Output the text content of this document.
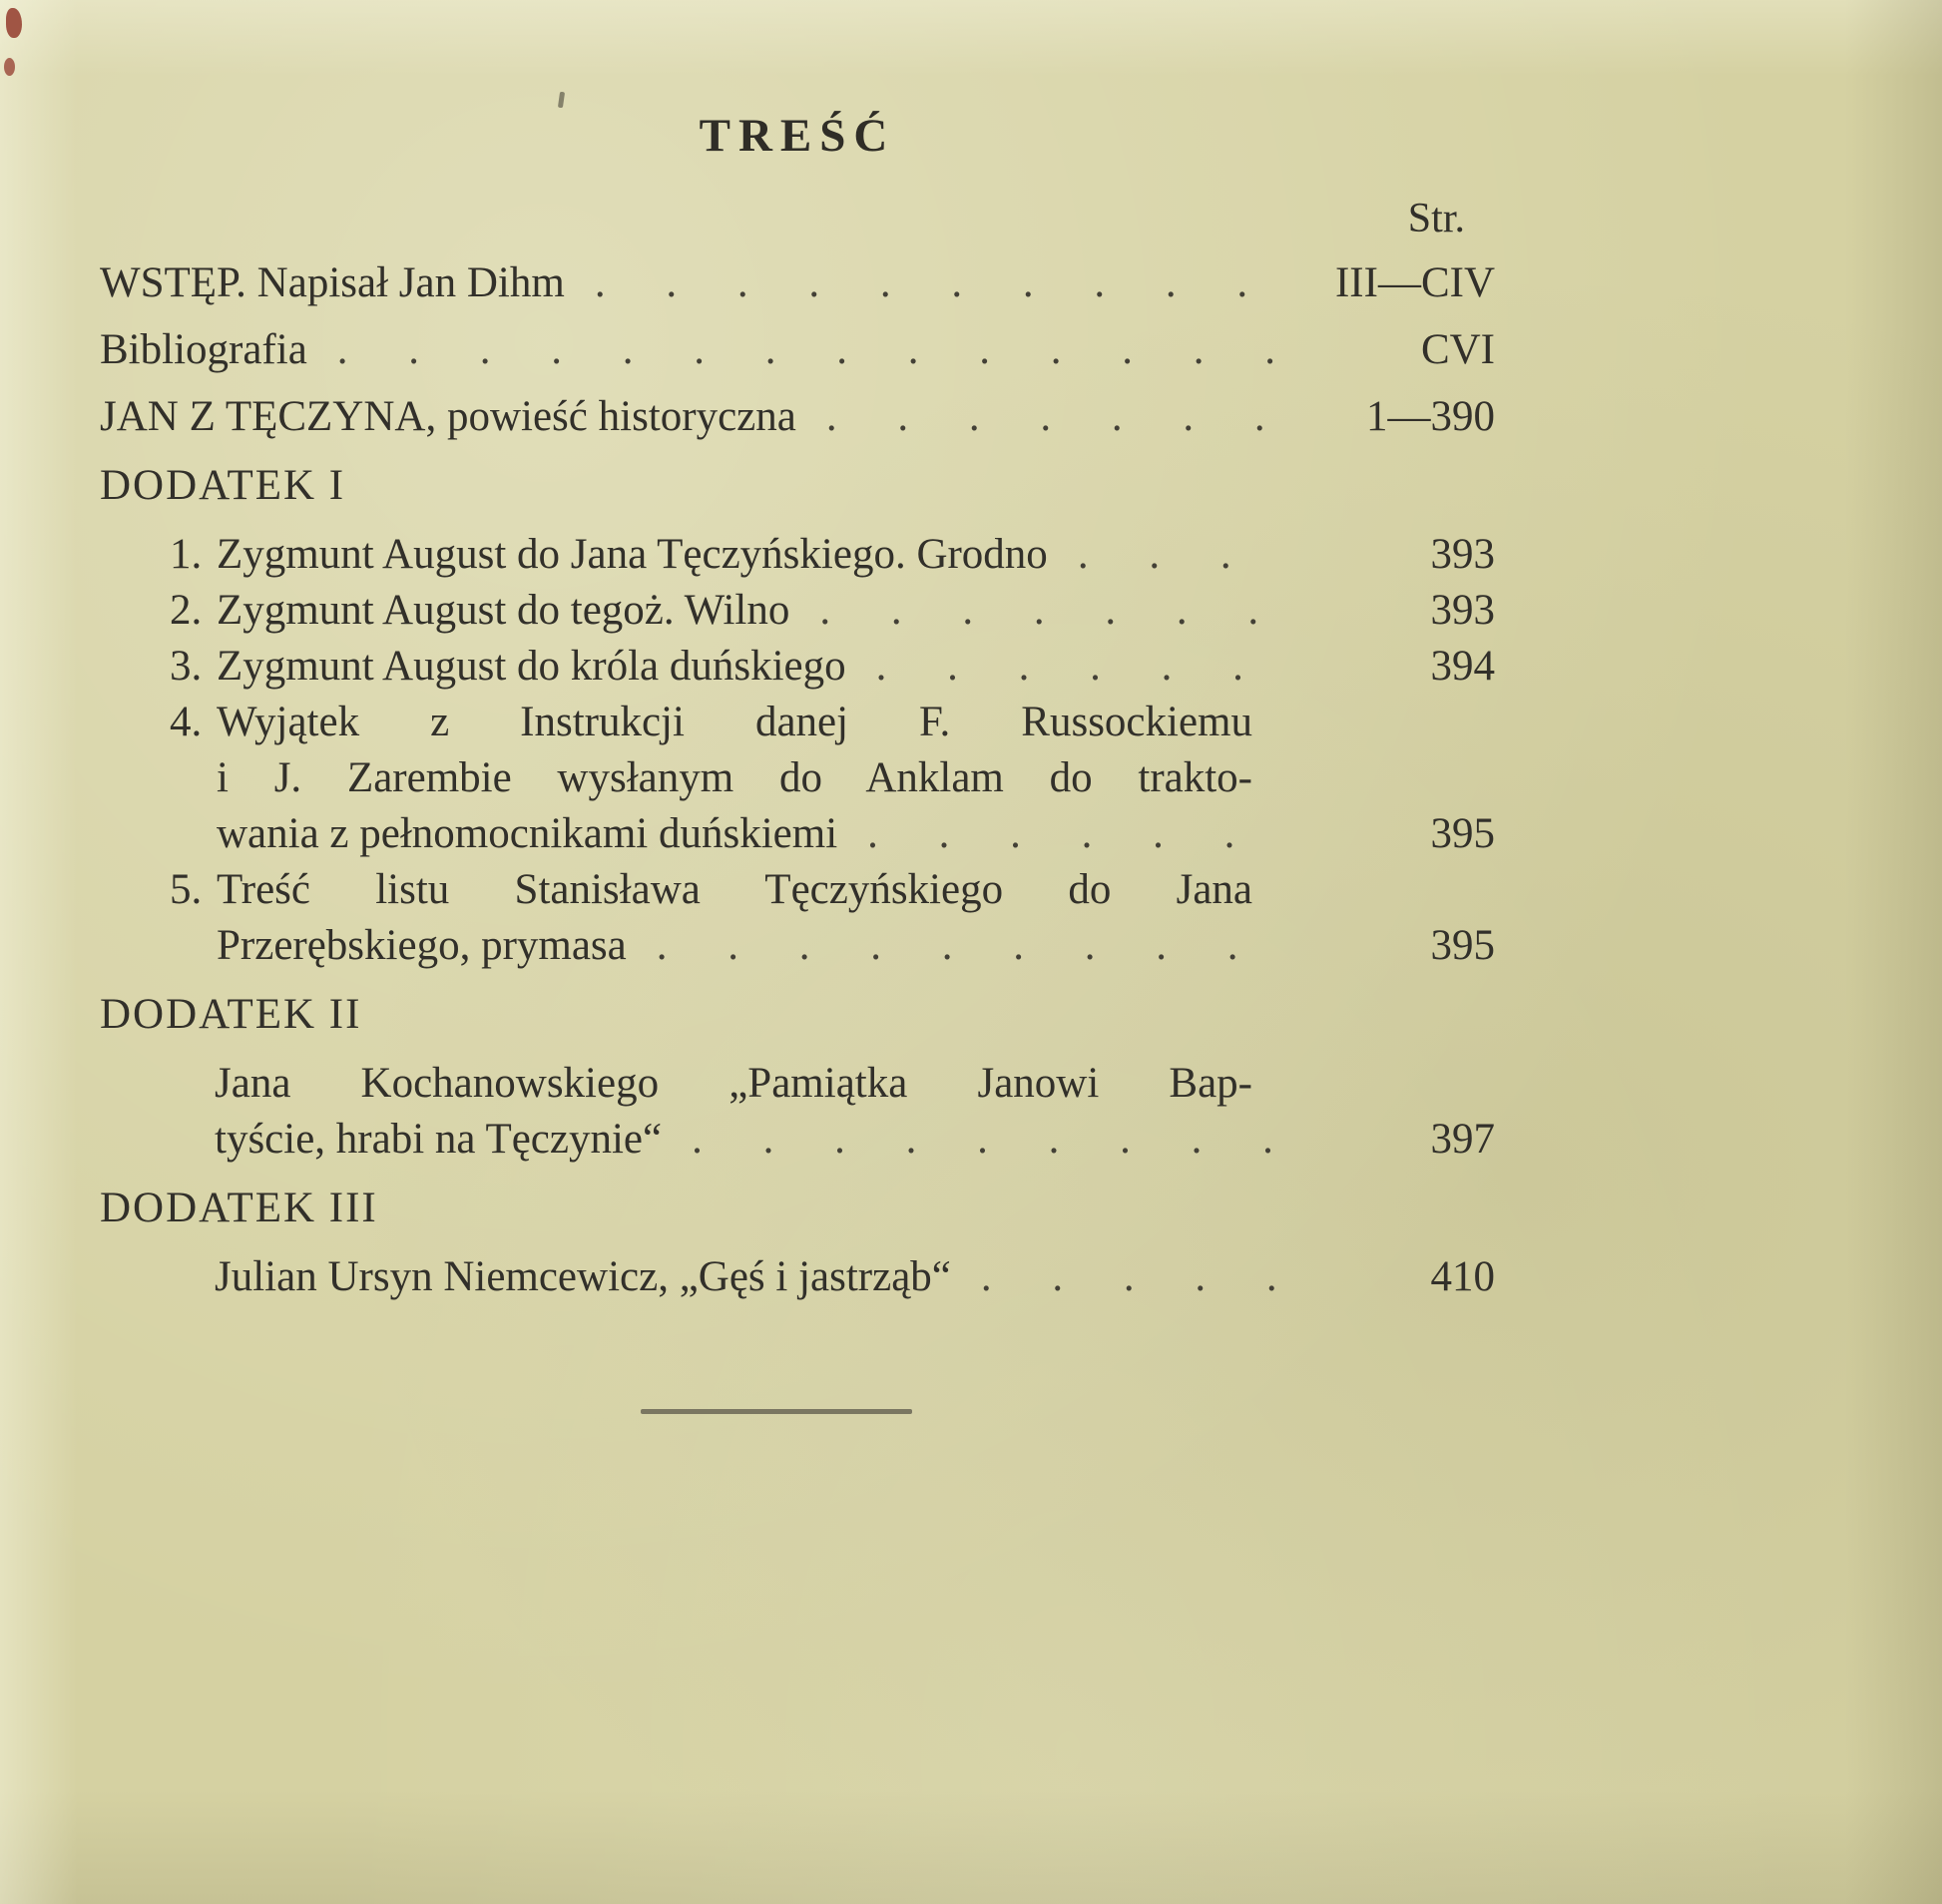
TREŚĆ
Str.
WSTĘP. Napisał Jan Dihm . . .	III—CIV
Bibliografia . . .	CVI
JAN Z TĘCZYNA, powieść historyczna . . .	1—390
DODATEK I
1. Zygmunt August do Jana Tęczyńskiego. Grodno . . .	393
2. Zygmunt August do tegoż. Wilno . . .	393
3. Zygmunt August do króla duńskiego . . .	394
4. Wyjątek z Instrukcji danej F. Russockiemu
i J. Zarembie wysłanym do Anklam do trakto-
wania z pełnomocnikami duńskiemi . . .	395
5. Treść listu Stanisława Tęczyńskiego do Jana
Przerębskiego, prymasa . . .	395
DODATEK II
Jana Kochanowskiego „Pamiątka Janowi Bap-
tyście, hrabi na Tęczynie“ . . .	397
DODATEK III
Julian Ursyn Niemcewicz, „Gęś i jastrząb“ . . .	410
